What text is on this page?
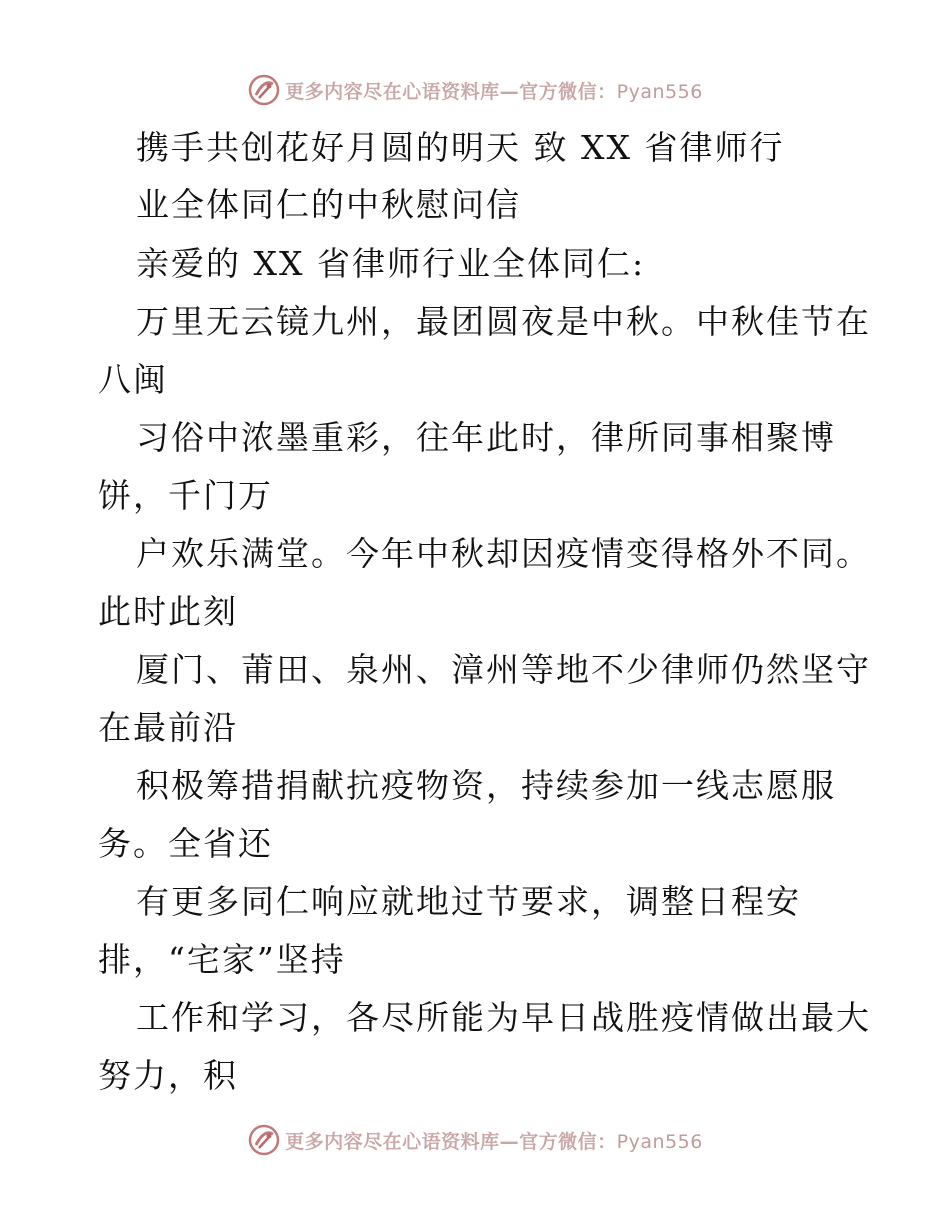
更多内容尽在心语资料库—官方微信：Pyan556
携手共创花好月圆的明天 致 XX 省律师行
业全体同仁的中秋慰问信
亲爱的 XX 省律师行业全体同仁:
万里无云镜九州，最团圆夜是中秋。中秋佳节在
八闽
习俗中浓墨重彩，往年此时，律所同事相聚博
饼，千门万
户欢乐满堂。今年中秋却因疫情变得格外不同。
此时此刻
厦门、莆田、泉州、漳州等地不少律师仍然坚守
在最前沿
积极筹措捐献抗疫物资，持续参加一线志愿服
务。全省还
有更多同仁响应就地过节要求，调整日程安
排，“宅家”坚持
工作和学习，各尽所能为早日战胜疫情做出最大
努力，积
更多内容尽在心语资料库—官方微信：Pyan556
